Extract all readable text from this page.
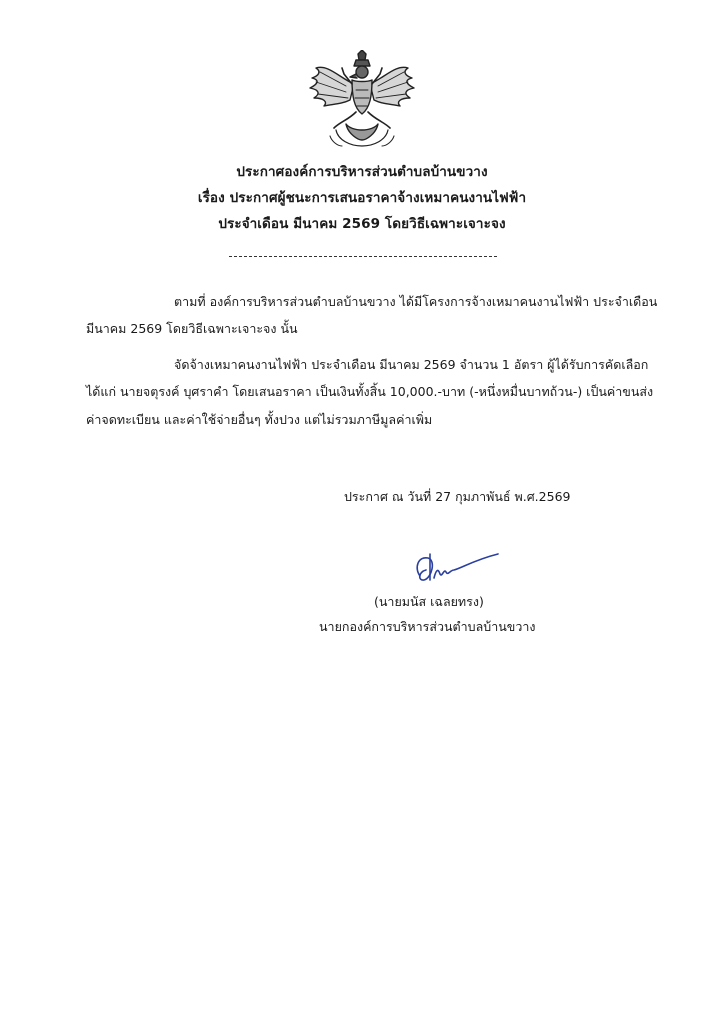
ประกาศองค์การบริหารส่วนตำบลบ้านขวาง
เรื่อง ประกาศผู้ชนะการเสนอราคาจ้างเหมาคนงานไฟฟ้า
ประจำเดือน มีนาคม 2569 โดยวิธีเฉพาะเจาะจง
ตามที่ องค์การบริหารส่วนตำบลบ้านขวาง ได้มีโครงการจ้างเหมาคนงานไฟฟ้า ประจำเดือน
มีนาคม 2569 โดยวิธีเฉพาะเจาะจง นั้น
จัดจ้างเหมาคนงานไฟฟ้า ประจำเดือน มีนาคม 2569 จำนวน 1 อัตรา ผู้ได้รับการคัดเลือก
ได้แก่ นายจตุรงค์ บุศราคำ โดยเสนอราคา เป็นเงินทั้งสิ้น 10,000.-บาท (-หนึ่งหมื่นบาทถ้วน-) เป็นค่าขนส่ง
ค่าจดทะเบียน และค่าใช้จ่ายอื่นๆ ทั้งปวง แต่ไม่รวมภาษีมูลค่าเพิ่ม
ประกาศ ณ วันที่ 27 กุมภาพันธ์ พ.ศ.2569
(นายมนัส เฉลยทรง)
นายกองค์การบริหารส่วนตำบลบ้านขวาง
